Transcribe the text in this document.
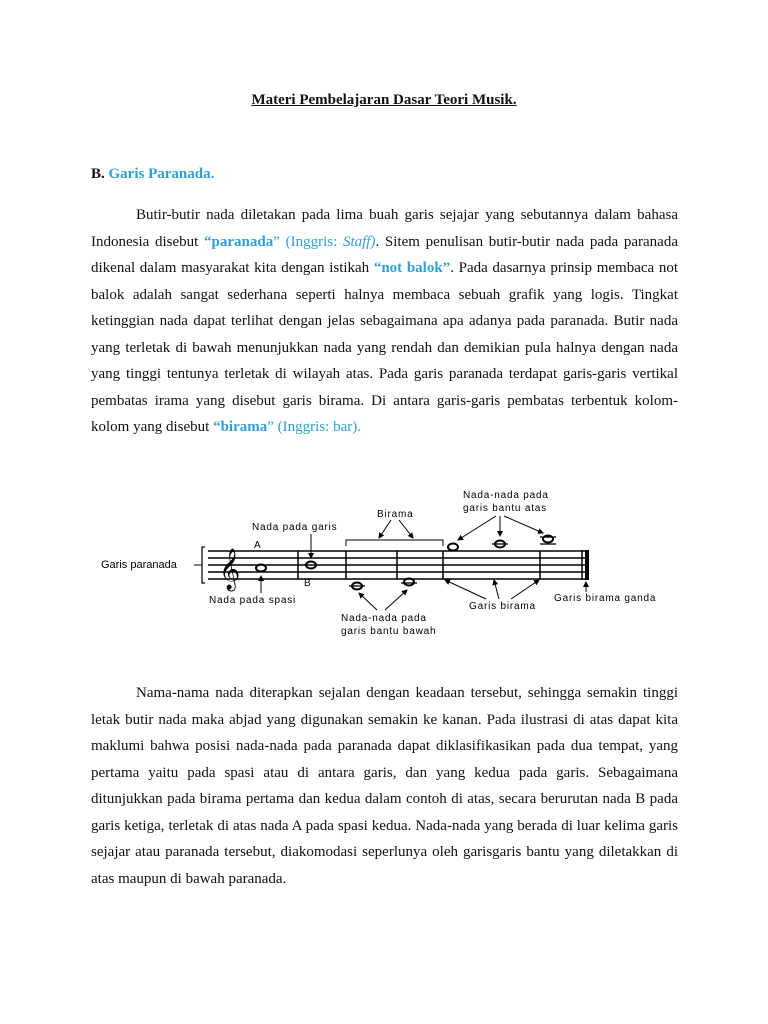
Materi Pembelajaran Dasar Teori Musik.
B. Garis Paranada.

Butir-butir nada diletakan pada lima buah garis sejajar yang sebutannya dalam bahasa Indonesia disebut “paranada” (Inggris: Staff). Sitem penulisan butir-butir nada pada paranada dikenal dalam masyarakat kita dengan istikah “not balok”. Pada dasarnya prinsip membaca not balok adalah sangat sederhana seperti halnya membaca sebuah grafik yang logis. Tingkat ketinggian nada dapat terlihat dengan jelas sebagaimana apa adanya pada paranada. Butir nada yang terletak di bawah menunjukkan nada yang rendah dan demikian pula halnya dengan nada yang tinggi tentunya terletak di wilayah atas. Pada garis paranada terdapat garis-garis vertikal pembatas irama yang disebut garis birama. Di antara garis-garis pembatas terbentuk kolom-kolom yang disebut “birama” (Inggris: bar).

𝄞
Garis paranada
A
B
Nada pada garis
Nada pada spasi
Birama
Nada-nada pada
garis bantu atas
Nada-nada pada
garis bantu bawah
Garis birama
Garis birama ganda

Nama-nama nada diterapkan sejalan dengan keadaan tersebut, sehingga semakin tinggi letak butir nada maka abjad yang digunakan semakin ke kanan. Pada ilustrasi di atas dapat kita maklumi bahwa posisi nada-nada pada paranada dapat diklasifikasikan pada dua tempat, yang pertama yaitu pada spasi atau di antara garis, dan yang kedua pada garis. Sebagaimana ditunjukkan pada birama pertama dan kedua dalam contoh di atas, secara berurutan nada B pada garis ketiga, terletak di atas nada A pada spasi kedua. Nada-nada yang berada di luar kelima garis sejajar atau paranada tersebut, diakomodasi seperlunya oleh garisgaris bantu yang diletakkan di atas maupun di bawah paranada.
